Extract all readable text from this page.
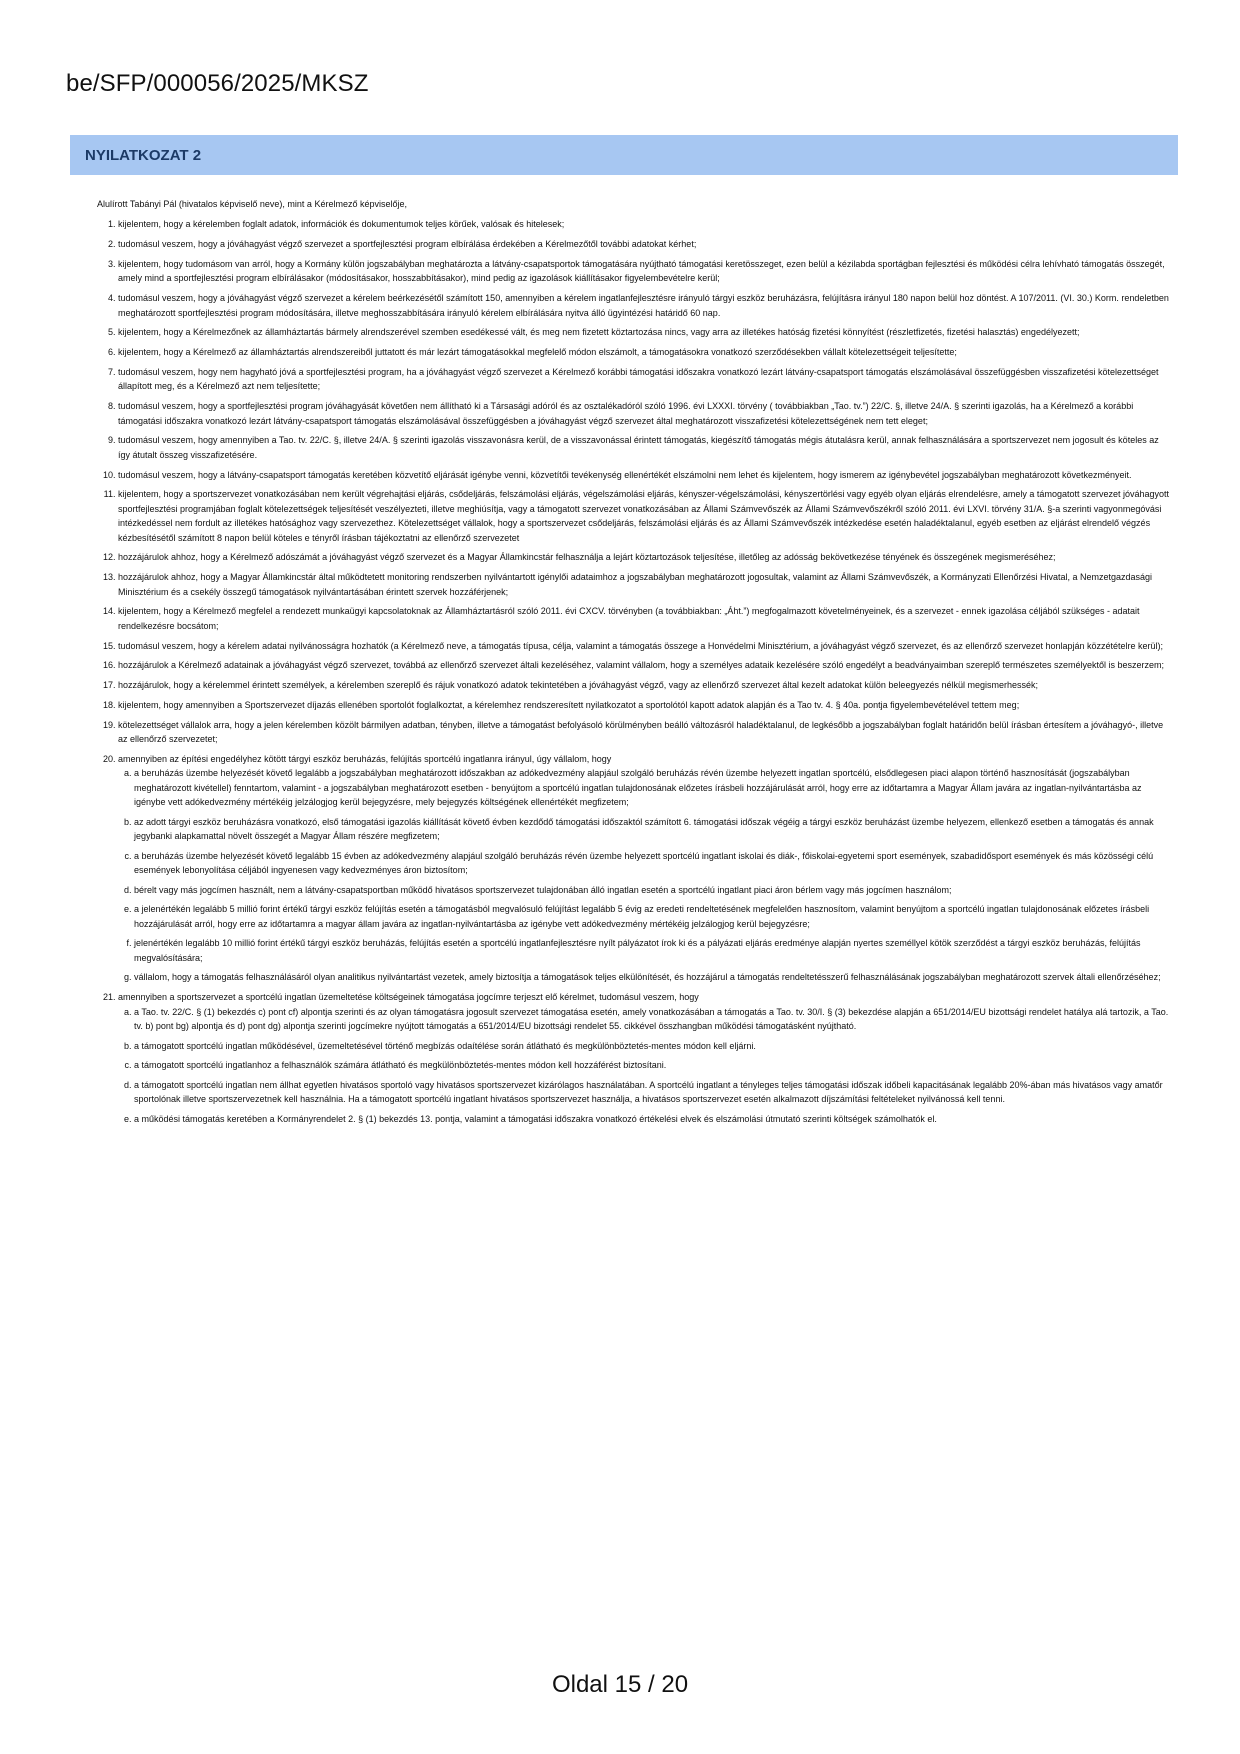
be/SFP/000056/2025/MKSZ
NYILATKOZAT 2

Alulírott Tabányi Pál (hivatalos képviselő neve), mint a Kérelmező képviselője,

1. kijelentem, hogy a kérelemben foglalt adatok, információk és dokumentumok teljes körűek, valósak és hitelesek;
2. tudomásul veszem, hogy a jóváhagyást végző szervezet a sportfejlesztési program elbírálása érdekében a Kérelmezőtől további adatokat kérhet;
3. kijelentem, hogy tudomásom van arról, hogy a Kormány külön jogszabályban meghatározta a látvány-csapatsportok támogatására nyújtható támogatási keretösszeget, ezen belül a kézilabda sportágban fejlesztési és működési célra lehívható támogatás összegét, amely mind a sportfejlesztési program elbírálásakor (módosításakor, hosszabbításakor), mind pedig az igazolások kiállításakor figyelembevételre kerül;
4. tudomásul veszem, hogy a jóváhagyást végző szervezet a kérelem beérkezésétől számított 150, amennyiben a kérelem ingatlanfejlesztésre irányuló tárgyi eszköz beruházásra, felújításra irányul 180 napon belül hoz döntést. A 107/2011. (VI. 30.) Korm. rendeletben meghatározott sportfejlesztési program módosítására, illetve meghosszabbítására irányuló kérelem elbírálására nyitva álló ügyintézési határidő 60 nap.
5. kijelentem, hogy a Kérelmezőnek az államháztartás bármely alrendszerével szemben esedékessé vált, és meg nem fizetett köztartozása nincs, vagy arra az illetékes hatóság fizetési könnyítést (részletfizetés, fizetési halasztás) engedélyezett;
6. kijelentem, hogy a Kérelmező az államháztartás alrendszereiből juttatott és már lezárt támogatásokkal megfelelő módon elszámolt, a támogatásokra vonatkozó szerződésekben vállalt kötelezettségeit teljesítette;
7. tudomásul veszem, hogy nem hagyható jóvá a sportfejlesztési program, ha a jóváhagyást végző szervezet a Kérelmező korábbi támogatási időszakra vonatkozó lezárt látvány-csapatsport támogatás elszámolásával összefüggésben visszafizetési kötelezettséget állapított meg, és a Kérelmező azt nem teljesítette;
8. tudomásul veszem, hogy a sportfejlesztési program jóváhagyását követően nem állítható ki a Társasági adóról és az osztalékadóról szóló 1996. évi LXXXI. törvény ( továbbiakban „Tao. tv.”) 22/C. §, illetve 24/A. § szerinti igazolás, ha a Kérelmező a korábbi támogatási időszakra vonatkozó lezárt látvány-csapatsport támogatás elszámolásával összefüggésben a jóváhagyást végző szervezet által meghatározott visszafizetési kötelezettségének nem tett eleget;
9. tudomásul veszem, hogy amennyiben a Tao. tv. 22/C. §, illetve 24/A. § szerinti igazolás visszavonásra kerül, de a visszavonással érintett támogatás, kiegészítő támogatás mégis átutalásra kerül, annak felhasználására a sportszervezet nem jogosult és köteles az így átutalt összeg visszafizetésére.
10. tudomásul veszem, hogy a látvány-csapatsport támogatás keretében közvetítő eljárását igénybe venni, közvetítői tevékenység ellenértékét elszámolni nem lehet és kijelentem, hogy ismerem az igénybevétel jogszabályban meghatározott következményeit.
11. kijelentem, hogy a sportszervezet vonatkozásában nem került végrehajtási eljárás, csődeljárás, felszámolási eljárás, végelszámolási eljárás, kényszer-végelszámolási, kényszertörlési vagy egyéb olyan eljárás elrendelésre, amely a támogatott szervezet jóváhagyott sportfejlesztési programjában foglalt kötelezettségek teljesítését veszélyezteti, illetve meghiúsítja, vagy a támogatott szervezet vonatkozásában az Állami Számvevőszék az Állami Számvevőszékről szóló 2011. évi LXVI. törvény 31/A. §-a szerinti vagyonmegóvási intézkedéssel nem fordult az illetékes hatósághoz vagy szervezethez. Kötelezettséget vállalok, hogy a sportszervezet csődeljárás, felszámolási eljárás és az Állami Számvevőszék intézkedése esetén haladéktalanul, egyéb esetben az eljárást elrendelő végzés kézbesítésétől számított 8 napon belül köteles e tényről írásban tájékoztatni az ellenőrző szervezetet
12. hozzájárulok ahhoz, hogy a Kérelmező adószámát a jóváhagyást végző szervezet és a Magyar Államkincstár felhasználja a lejárt köztartozások teljesítése, illetőleg az adósság bekövetkezése tényének és összegének megismeréséhez;
13. hozzájárulok ahhoz, hogy a Magyar Államkincstár által működtetett monitoring rendszerben nyilvántartott igénylői adataimhoz a jogszabályban meghatározott jogosultak, valamint az Állami Számvevőszék, a Kormányzati Ellenőrzési Hivatal, a Nemzetgazdasági Minisztérium és a csekély összegű támogatások nyilvántartásában érintett szervek hozzáférjenek;
14. kijelentem, hogy a Kérelmező megfelel a rendezett munkaügyi kapcsolatoknak az Államháztartásról szóló 2011. évi CXCV. törvényben (a továbbiakban: „Áht.”) megfogalmazott követelményeinek, és a szervezet - ennek igazolása céljából szükséges - adatait rendelkezésre bocsátom;
15. tudomásul veszem, hogy a kérelem adatai nyilvánosságra hozhatók (a Kérelmező neve, a támogatás típusa, célja, valamint a támogatás összege a Honvédelmi Minisztérium, a jóváhagyást végző szervezet, és az ellenőrző szervezet honlapján közzétételre kerül);
16. hozzájárulok a Kérelmező adatainak a jóváhagyást végző szervezet, továbbá az ellenőrző szervezet általi kezeléséhez, valamint vállalom, hogy a személyes adataik kezelésére szóló engedélyt a beadványaimban szereplő természetes személyektől is beszerzem;
17. hozzájárulok, hogy a kérelemmel érintett személyek, a kérelemben szereplő és rájuk vonatkozó adatok tekintetében a jóváhagyást végző, vagy az ellenőrző szervezet által kezelt adatokat külön beleegyezés nélkül megismerhessék;
18. kijelentem, hogy amennyiben a Sportszervezet díjazás ellenében sportolót foglalkoztat, a kérelemhez rendszeresített nyilatkozatot a sportolótól kapott adatok alapján és a Tao tv. 4. § 40a. pontja figyelembevételével tettem meg;
19. kötelezettséget vállalok arra, hogy a jelen kérelemben közölt bármilyen adatban, tényben, illetve a támogatást befolyásoló körülményben beálló változásról haladéktalanul, de legkésőbb a jogszabályban foglalt határidőn belül írásban értesítem a jóváhagyó-, illetve az ellenőrző szervezetet;
20. amennyiben az építési engedélyhez kötött tárgyi eszköz beruházás, felújítás sportcélú ingatlanra irányul, úgy vállalom, hogy
a. a beruházás üzembe helyezését követő legalább a jogszabályban meghatározott időszakban az adókedvezmény alapjául szolgáló beruházás révén üzembe helyezett ingatlan sportcélú, elsődlegesen piaci alapon történő hasznosítását (jogszabályban meghatározott kivétellel) fenntartom, valamint - a jogszabályban meghatározott esetben - benyújtom a sportcélú ingatlan tulajdonosának előzetes írásbeli hozzájárulását arról, hogy erre az időtartamra a Magyar Állam javára az ingatlan-nyilvántartásba az igénybe vett adókedvezmény mértékéig jelzálogjog kerül bejegyzésre, mely bejegyzés költségének ellenértékét megfizetem;
b. az adott tárgyi eszköz beruházásra vonatkozó, első támogatási igazolás kiállítását követő évben kezdődő támogatási időszaktól számított 6. támogatási időszak végéig a tárgyi eszköz beruházást üzembe helyezem, ellenkező esetben a támogatás és annak jegybanki alapkamattal növelt összegét a Magyar Állam részére megfizetem;
c. a beruházás üzembe helyezését követő legalább 15 évben az adókedvezmény alapjául szolgáló beruházás révén üzembe helyezett sportcélú ingatlant iskolai és diák-, főiskolai-egyetemi sport események, szabadidősport események és más közösségi célú események lebonyolítása céljából ingyenesen vagy kedvezményes áron biztosítom;
d. bérelt vagy más jogcímen használt, nem a látvány-csapatsportban működő hivatásos sportszervezet tulajdonában álló ingatlan esetén a sportcélú ingatlant piaci áron bérlem vagy más jogcímen használom;
e. a jelenértékén legalább 5 millió forint értékű tárgyi eszköz felújítás esetén a támogatásból megvalósuló felújítást legalább 5 évig az eredeti rendeltetésének megfelelően hasznosítom, valamint benyújtom a sportcélú ingatlan tulajdonosának előzetes írásbeli hozzájárulását arról, hogy erre az időtartamra a magyar állam javára az ingatlan-nyilvántartásba az igénybe vett adókedvezmény mértékéig jelzálogjog kerül bejegyzésre;
f. jelenértékén legalább 10 millió forint értékű tárgyi eszköz beruházás, felújítás esetén a sportcélú ingatlanfejlesztésre nyílt pályázatot írok ki és a pályázati eljárás eredménye alapján nyertes személlyel kötök szerződést a tárgyi eszköz beruházás, felújítás megvalósítására;
g. vállalom, hogy a támogatás felhasználásáról olyan analitikus nyilvántartást vezetek, amely biztosítja a támogatások teljes elkülönítését, és hozzájárul a támogatás rendeltetésszerű felhasználásának jogszabályban meghatározott szervek általi ellenőrzéséhez;
21. amennyiben a sportszervezet a sportcélú ingatlan üzemeltetése költségeinek támogatása jogcímre terjeszt elő kérelmet, tudomásul veszem, hogy
a. a Tao. tv. 22/C. § (1) bekezdés c) pont cf) alpontja szerinti és az olyan támogatásra jogosult szervezet támogatása esetén, amely vonatkozásában a támogatás a Tao. tv. 30/I. § (3) bekezdése alapján a 651/2014/EU bizottsági rendelet hatálya alá tartozik, a Tao. tv. b) pont bg) alpontja és d) pont dg) alpontja szerinti jogcímekre nyújtott támogatás a 651/2014/EU bizottsági rendelet 55. cikkével összhangban működési támogatásként nyújtható.
b. a támogatott sportcélú ingatlan működésével, üzemeltetésével történő megbízás odaítélése során átlátható és megkülönböztetés-mentes módon kell eljárni.
c. a támogatott sportcélú ingatlanhoz a felhasználók számára átlátható és megkülönböztetés-mentes módon kell hozzáférést biztosítani.
d. a támogatott sportcélú ingatlan nem állhat egyetlen hivatásos sportoló vagy hivatásos sportszervezet kizárólagos használatában. A sportcélú ingatlant a tényleges teljes támogatási időszak időbeli kapacitásának legalább 20%-ában más hivatásos vagy amatőr sportolónak illetve sportszervezetnek kell használnia. Ha a támogatott sportcélú ingatlant hivatásos sportszervezet használja, a hivatásos sportszervezet esetén alkalmazott díjszámítási feltételeket nyilvánossá kell tenni.
e. a működési támogatás keretében a Kormányrendelet 2. § (1) bekezdés 13. pontja, valamint a támogatási időszakra vonatkozó értékelési elvek és elszámolási útmutató szerinti költségek számolhatók el.
Oldal 15 / 20
